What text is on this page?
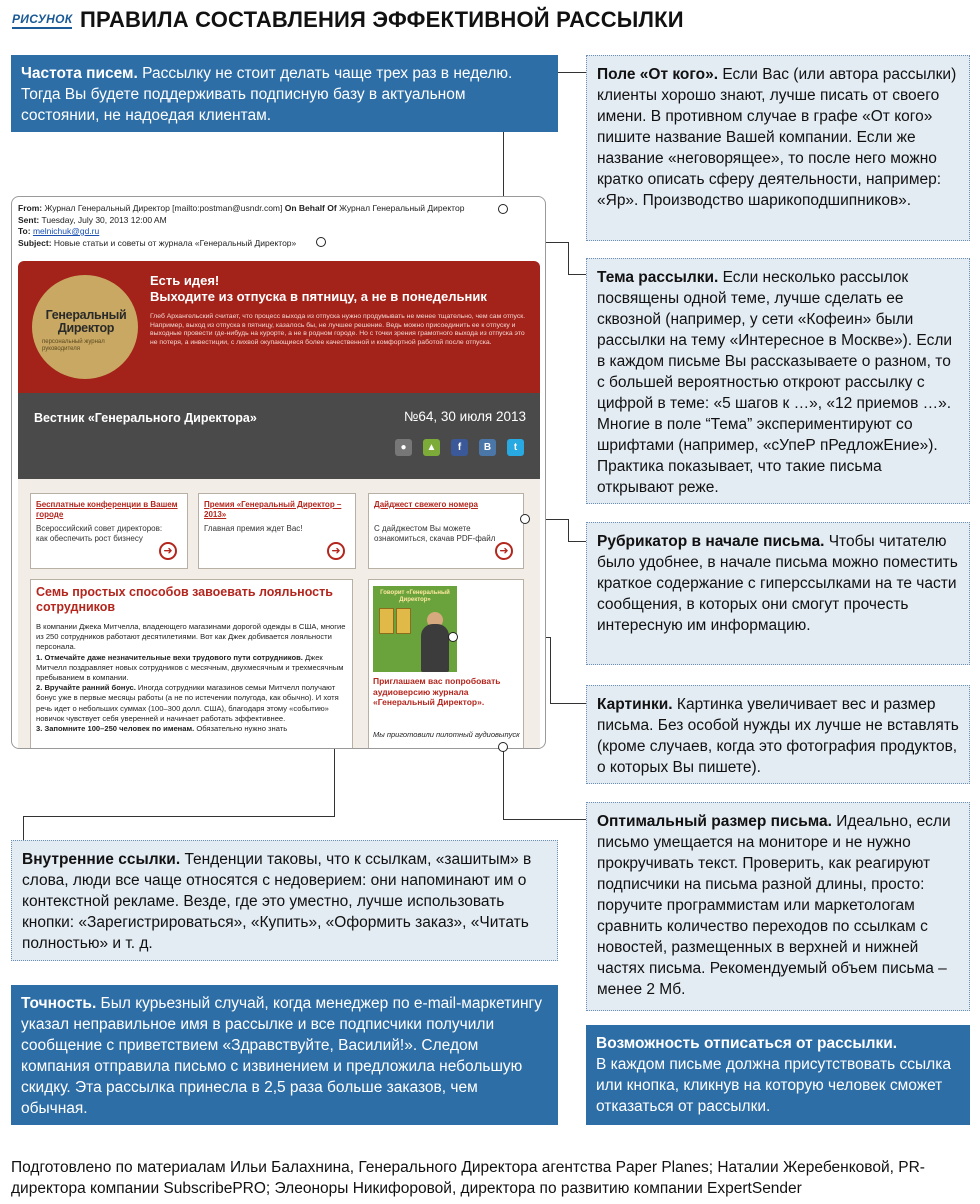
РИСУНОК ПРАВИЛА СОСТАВЛЕНИЯ ЭФФЕКТИВНОЙ РАССЫЛКИ
From: Журнал Генеральный Директор [mailto:postman@usndr.com] On Behalf Of Журнал Генеральный Директор
Sent: Tuesday, July 30, 2013 12:00 AM
To: melnichuk@gd.ru
Subject: Новые статьи и советы от журнала «Генеральный Директор»
Генеральный Директор
персональный журнал руководителя
Есть идея!
Выходите из отпуска в пятницу, а не в понедельник
Глеб Архангельский считает, что процесс выхода из отпуска нужно продумывать не менее тщательно, чем сам отпуск. Например, выход из отпуска в пятницу, казалось бы, не лучшее решение. Ведь можно присоединить ее к отпуску и выходные провести где-нибудь на курорте, а не в родном городе. Но с точки зрения грамотного выхода из отпуска это не потеря, а инвестиции, с лихвой окупающиеся более качественной и комфортной работой после отпуска.
Вестник «Генерального Директора»	№64, 30 июля 2013
●	▲	f	B	t
Бесплатные конференции в Вашем городе
Всероссийский совет директоров: как обеспечить рост бизнесу
➜
Премия «Генеральный Директор – 2013»
Главная премия ждет Вас!
➜
Дайджест свежего номера
С дайджестом Вы можете ознакомиться, скачав PDF-файл
➜
Семь простых способов завоевать лояльность сотрудников
В компании Джека Митчелла, владеющего магазинами дорогой одежды в США, многие из 250 сотрудников работают десятилетиями. Вот как Джек добивается лояльности персонала.
1. Отмечайте даже незначительные вехи трудового пути сотрудников. Джек Митчелл поздравляет новых сотрудников с месячным, двухмесячным и трехмесячным пребыванием в компании.
2. Вручайте ранний бонус. Иногда сотрудники магазинов семьи Митчелл получают бонус уже в первые месяцы работы (а не по истечении полугода, как обычно). И хотя речь идет о небольших суммах (100–300 долл. США), благодаря этому «событию» новичок чувствует себя уверенней и начинает работать эффективнее.
3. Запомните 100–250 человек по именам. Обязательно нужно знать
Говорит «Генеральный Директор»
Приглашаем вас попробовать аудиоверсию журнала «Генеральный Директор».
Мы приготовили пилотный аудиовыпуск
Частота писем. Рассылку не стоит делать чаще трех раз в неделю. Тогда Вы будете поддерживать подписную базу в актуальном состоянии, не надоедая клиентам.
Поле «От кого». Если Вас (или автора рассылки) клиенты хорошо знают, лучше писать от своего имени. В противном случае в графе «От кого» пишите название Вашей компании. Если же название «неговорящее», то после него можно кратко описать сферу деятельности, например: «Яр». Производство шарикоподшипников».
Тема рассылки. Если несколько рассылок посвящены одной теме, лучше сделать ее сквозной (например, у сети «Кофеин» были рассылки на тему «Интересное в Москве»). Если в каждом письме Вы рассказываете о разном, то с большей вероятностью откроют рассылку с цифрой в теме: «5 шагов к …», «12 приемов …». Многие в поле “Тема” экспериментируют со шрифтами (например, «сУпеР пРедложЕние»). Практика показывает, что такие письма открывают реже.
Рубрикатор в начале письма. Чтобы читателю было удобнее, в начале письма можно поместить краткое содержание с гиперссылками на те части сообщения, в которых они смогут прочесть интересную им информацию.
Картинки. Картинка увеличивает вес и размер письма. Без особой нужды их лучше не вставлять (кроме случаев, когда это фотография продуктов, о которых Вы пишете).
Оптимальный размер письма. Идеально, если письмо умещается на мониторе и не нужно прокручивать текст. Проверить, как реагируют подписчики на письма разной длины, просто: поручите программистам или маркетологам сравнить количество переходов по ссылкам с новостей, размещенных в верхней и нижней частях письма. Рекомендуемый объем письма – менее 2 Мб.
Внутренние ссылки. Тенденции таковы, что к ссылкам, «зашитым» в слова, люди все чаще относятся с недоверием: они напоминают им о контекстной рекламе. Везде, где это уместно, лучше использовать кнопки: «Зарегистрироваться», «Купить», «Оформить заказ», «Читать полностью» и т. д.
Точность. Был курьезный случай, когда менеджер по e-mail-маркетингу указал неправильное имя в рассылке и все подписчики получили сообщение с приветствием «Здравствуйте, Василий!». Следом компания отправила письмо с извинением и предложила небольшую скидку. Эта рассылка принесла в 2,5 раза больше заказов, чем обычная.
Возможность отписаться от рассылки.
В каждом письме должна присутствовать ссылка или кнопка, кликнув на которую человек сможет отказаться от рассылки.
Подготовлено по материалам Ильи Балахнина, Генерального Директора агентства Paper Planes; Наталии Жеребенковой, PR-директора компании SubscribePRO; Элеоноры Никифоровой, директора по развитию компании ExpertSender
